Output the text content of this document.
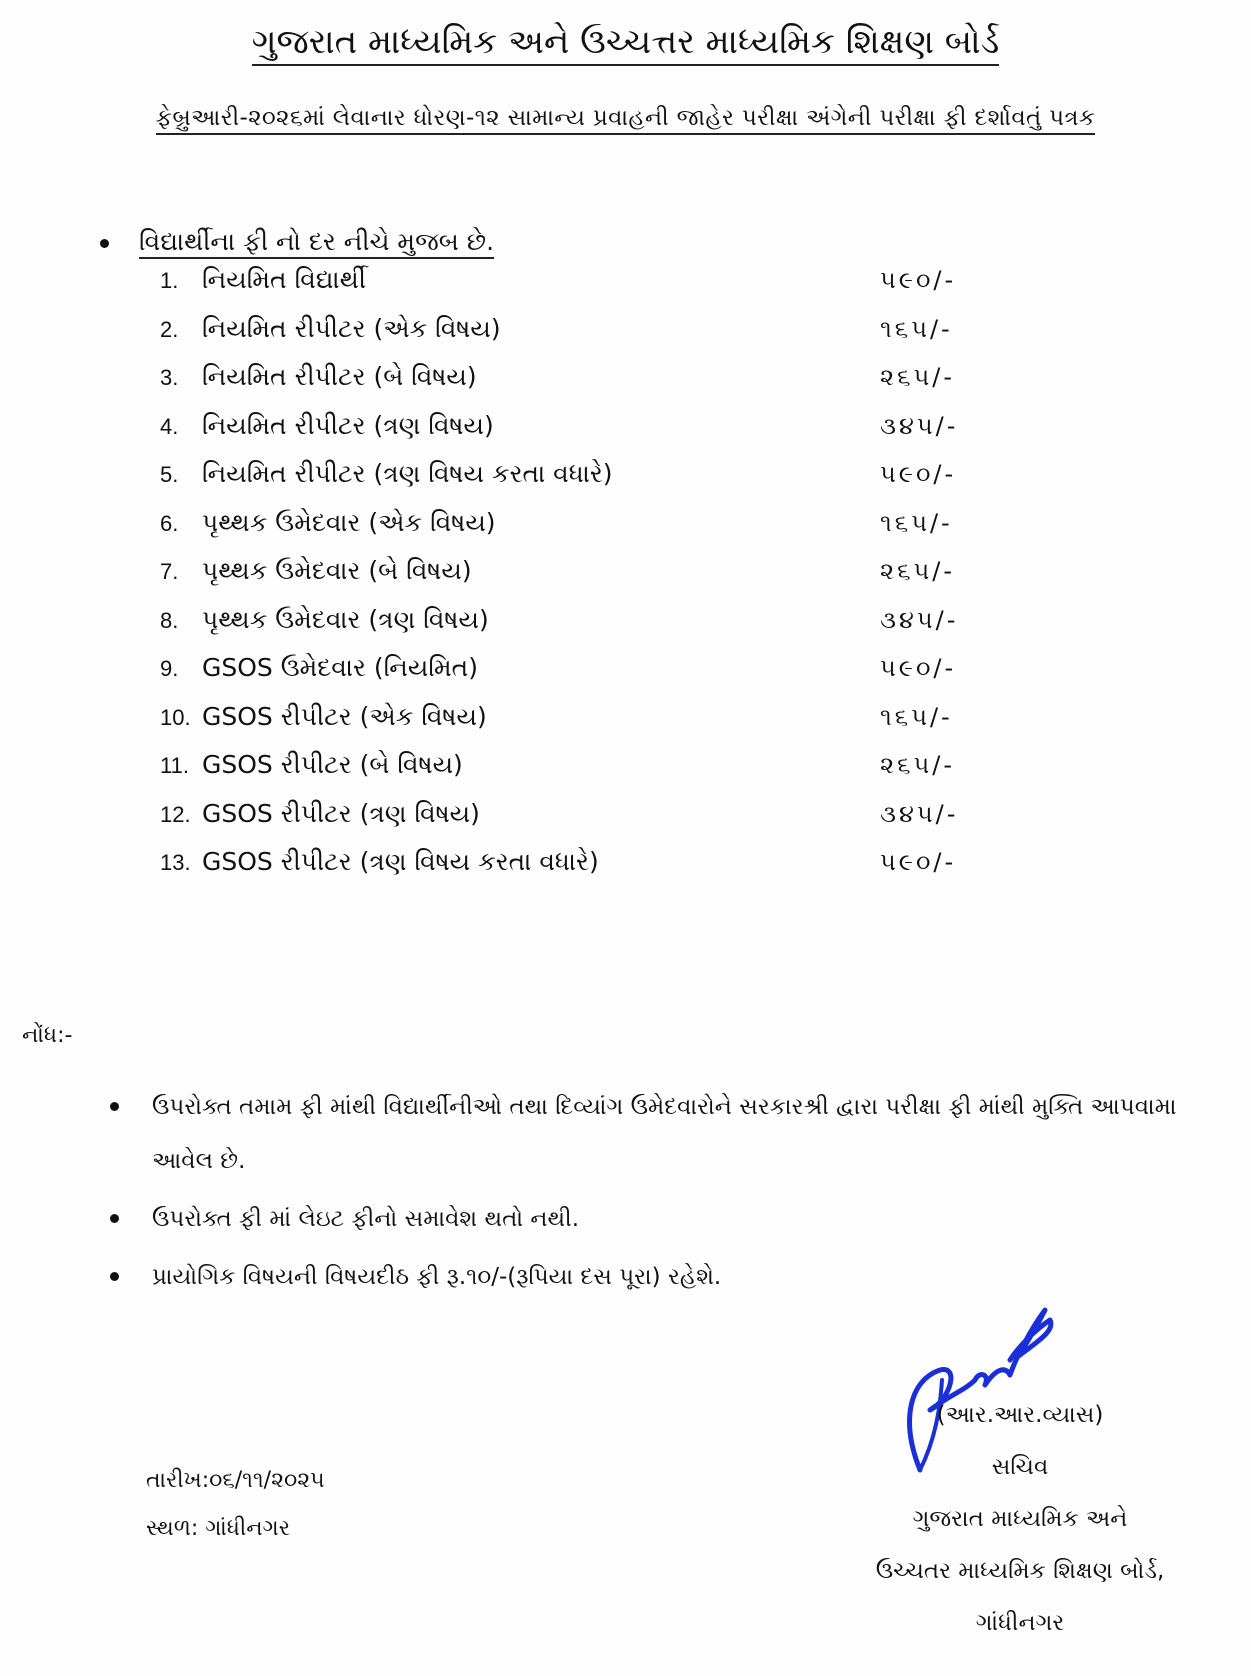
ગુજરાત માધ્યમિક અને ઉચ્ચત્તર માધ્યમિક શિક્ષણ બોર્ડ
ફેબ્રુઆરી-૨૦૨૬માં લેવાનાર ધોરણ-૧૨ સામાન્ય પ્રવાહની જાહેર પરીક્ષા અંગેની પરીક્ષા ફી દર્શાવતું પત્રક
વિદ્યાર્થીના ફી નો દર નીચે મુજબ છે.
1. નિયમિત વિદ્યાર્થી	૫૯૦/-
2. નિયમિત રીપીટર (એક વિષય)	૧૬૫/-
3. નિયમિત રીપીટર (બે વિષય)	૨૬૫/-
4. નિયમિત રીપીટર (ત્રણ વિષય)	૩૪૫/-
5. નિયમિત રીપીટર (ત્રણ વિષય કરતા વધારે)	૫૯૦/-
6. પૃથ્થક ઉમેદવાર (એક વિષય)	૧૬૫/-
7. પૃથ્થક ઉમેદવાર (બે વિષય)	૨૬૫/-
8. પૃથ્થક ઉમેદવાર (ત્રણ વિષય)	૩૪૫/-
9. GSOS ઉમેદવાર (નિયમિત)	૫૯૦/-
10. GSOS રીપીટર (એક વિષય)	૧૬૫/-
11. GSOS રીપીટર (બે વિષય)	૨૬૫/-
12. GSOS રીપીટર (ત્રણ વિષય)	૩૪૫/-
13. GSOS રીપીટર (ત્રણ વિષય કરતા વધારે)	૫૯૦/-
નોંધ:-
ઉપરોક્ત તમામ ફી માંથી વિદ્યાર્થીનીઓ તથા દિવ્યાંગ ઉમેદવારોને સરકારશ્રી દ્વારા પરીક્ષા ફી માંથી મુક્તિ આપવામા આવેલ છે.
ઉપરોક્ત ફી માં લેઇટ ફીનો સમાવેશ થતો નથી.
પ્રાયોગિક વિષયની વિષયદીઠ ફી રૂ.૧૦/-(રૂપિયા દસ પૂરા) રહેશે.
તારીખ:૦૬/૧૧/૨૦૨૫
સ્થળ: ગાંધીનગર
(આર.આર.વ્યાસ)
સચિવ
ગુજરાત માધ્યમિક અને
ઉચ્ચતર માધ્યમિક શિક્ષણ બોર્ડ,
ગાંધીનગર
